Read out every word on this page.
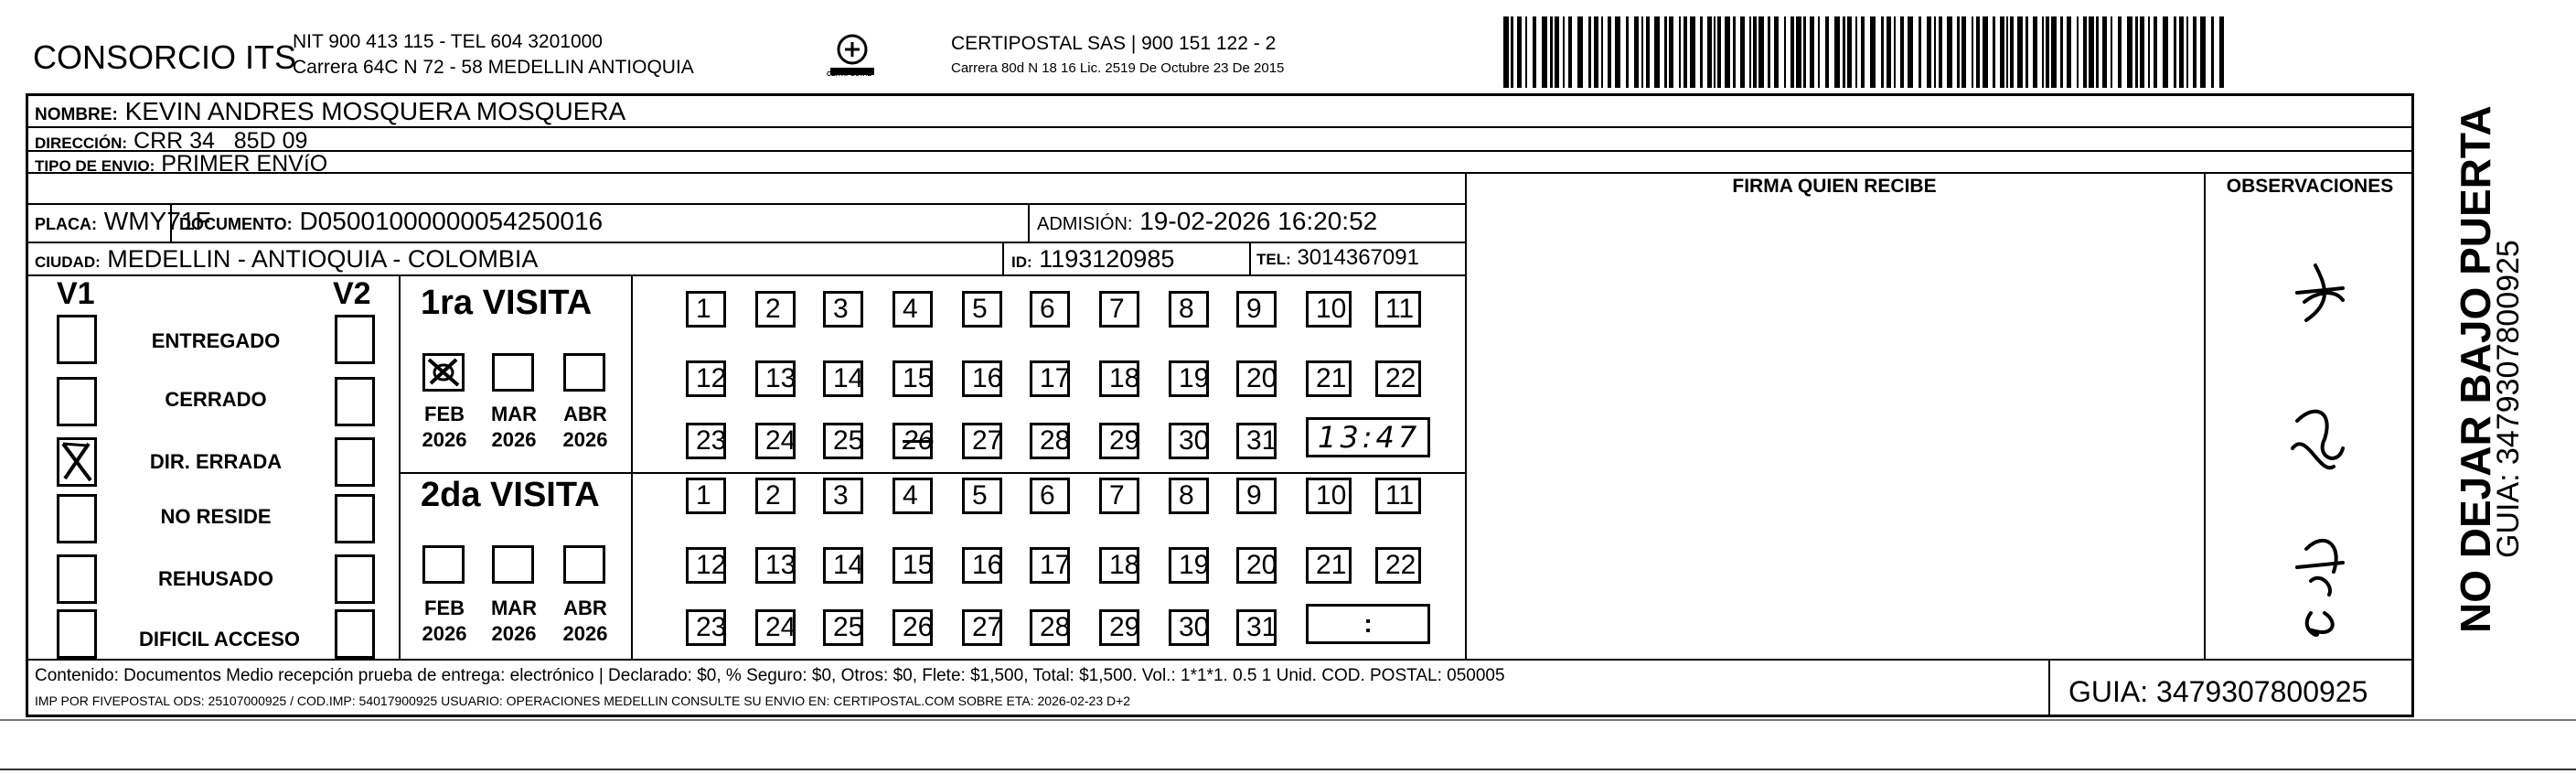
CONSORCIO ITS
NIT 900 413 115 - TEL 604 3201000
Carrera 64C N 72 - 58 MEDELLIN ANTIOQUIA	CERTIPOSTAL
CERTIPOSTAL SAS | 900 151 122 - 2
Carrera 80d N 18 16 Lic. 2519 De Octubre 23 De 2015
NOMBRE: KEVIN ANDRES MOSQUERA MOSQUERA
DIRECCIÓN: CRR 34   85D 09
TIPO DE ENVIO: PRIMER ENVíO
PLACA: WMY71F
DOCUMENTO: D05001000000054250016	ADMISIÓN: 19-02-2026 16:20:52
CIUDAD: MEDELLIN - ANTIOQUIA - COLOMBIA	ID: 1193120985	TEL: 3014367091
FIRMA QUIEN RECIBE	OBSERVACIONES
V1	V2
ENTREGADO
CERRADO
DIR. ERRADA
NO RESIDE
REHUSADO
DIFICIL ACCESO
1ra VISITA
FEB MAR ABR
2026 2026 2026
1	2	3	4	5	6	7	8	9	10	11
12	13	14	15	16	17	18	19	20	21	22
23	24	25	26	27	28	29	30	31	13:47
2da VISITA
FEB MAR ABR
2026 2026 2026
1	2	3	4	5	6	7	8	9	10	11
12	13	14	15	16	17	18	19	20	21	22
23	24	25	26	27	28	29	30	31	:
Contenido: Documentos Medio recepción prueba de entrega: electrónico | Declarado: $0, % Seguro: $0, Otros: $0, Flete: $1,500, Total: $1,500. Vol.: 1*1*1. 0.5 1 Unid. COD. POSTAL: 050005
IMP POR FIVEPOSTAL ODS: 25107000925 / COD.IMP: 54017900925 USUARIO: OPERACIONES MEDELLIN CONSULTE SU ENVIO EN: CERTIPOSTAL.COM SOBRE ETA: 2026-02-23 D+2	GUIA: 3479307800925
NO DEJAR BAJO PUERTA
GUIA: 3479307800925
